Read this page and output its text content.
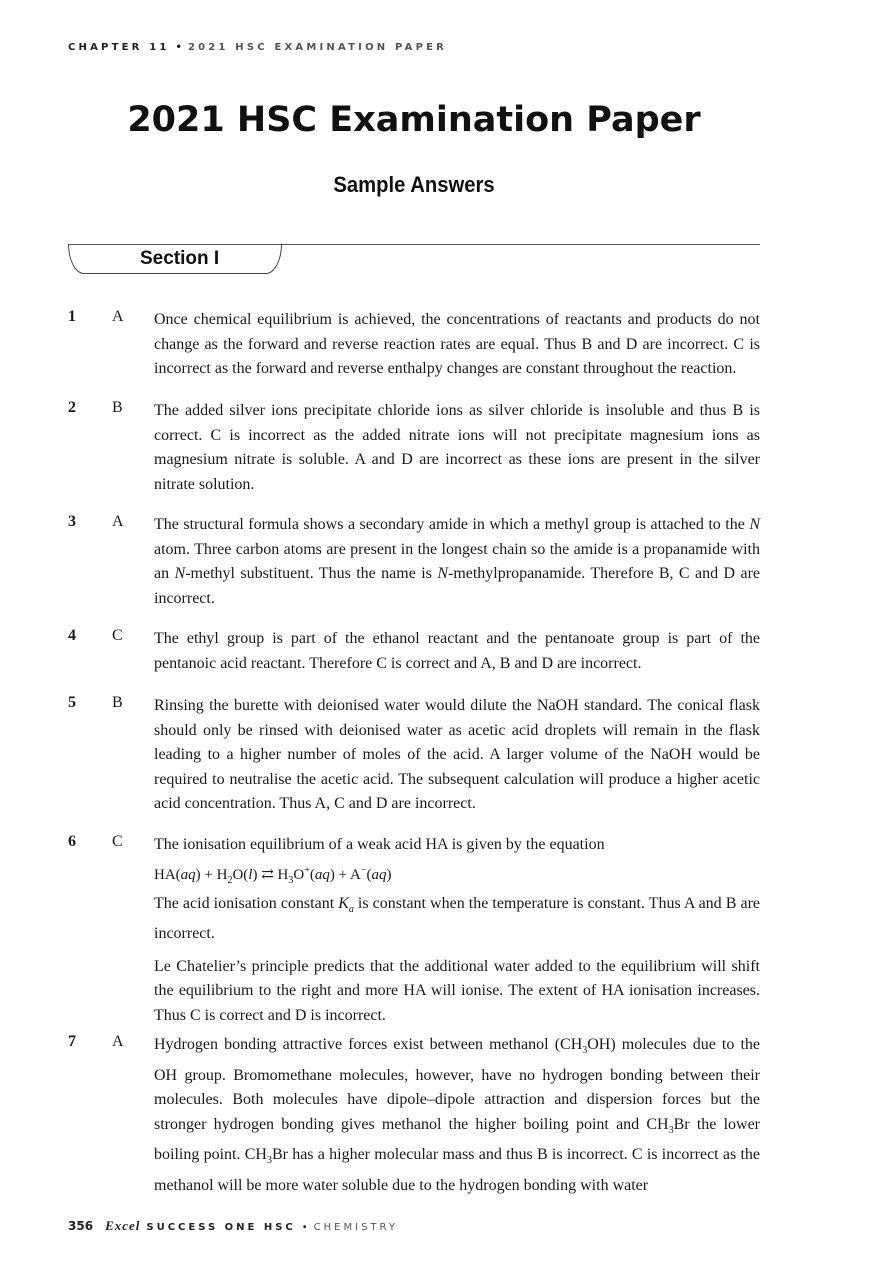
CHAPTER 11 • 2021 HSC EXAMINATION PAPER
2021 HSC Examination Paper
Sample Answers
Section I
1 A Once chemical equilibrium is achieved, the concentrations of reactants and products do not change as the forward and reverse reaction rates are equal. Thus B and D are incorrect. C is incorrect as the forward and reverse enthalpy changes are constant throughout the reaction.

2 B The added silver ions precipitate chloride ions as silver chloride is insoluble and thus B is correct. C is incorrect as the added nitrate ions will not precipitate magnesium ions as magnesium nitrate is soluble. A and D are incorrect as these ions are present in the silver nitrate solution.

3 A The structural formula shows a secondary amide in which a methyl group is attached to the N atom. Three carbon atoms are present in the longest chain so the amide is a propanamide with an N-methyl substituent. Thus the name is N-methylpropanamide. Therefore B, C and D are incorrect.

4 C The ethyl group is part of the ethanol reactant and the pentanoate group is part of the pentanoic acid reactant. Therefore C is correct and A, B and D are incorrect.

5 B Rinsing the burette with deionised water would dilute the NaOH standard. The conical flask should only be rinsed with deionised water as acetic acid droplets will remain in the flask leading to a higher number of moles of the acid. A larger volume of the NaOH would be required to neutralise the acetic acid. The subsequent calculation will produce a higher acetic acid concentration. Thus A, C and D are incorrect.

6 C The ionisation equilibrium of a weak acid HA is given by the equation

$HA(aq) + H_2O(l)$ ⇄ $H_3O^+(aq) + A^-(aq)$

The acid ionisation constant $K_a$ is constant when the temperature is constant. Thus A and B are incorrect.

Le Chatelier’s principle predicts that the additional water added to the equilibrium will shift the equilibrium to the right and more HA will ionise. The extent of HA ionisation increases. Thus C is correct and D is incorrect.

7 A Hydrogen bonding attractive forces exist between methanol $(CH_3OH)$ molecules due to the OH group. Bromomethane molecules, however, have no hydrogen bonding between their molecules. Both molecules have dipole–dipole attraction and dispersion forces but the stronger hydrogen bonding gives methanol the higher boiling point and $CH_3Br$ the lower boiling point. $CH_3Br$ has a higher molecular mass and thus B is incorrect. C is incorrect as the methanol will be more water soluble due to the hydrogen bonding with water

356 Excel SUCCESS ONE HSC • CHEMISTRY
